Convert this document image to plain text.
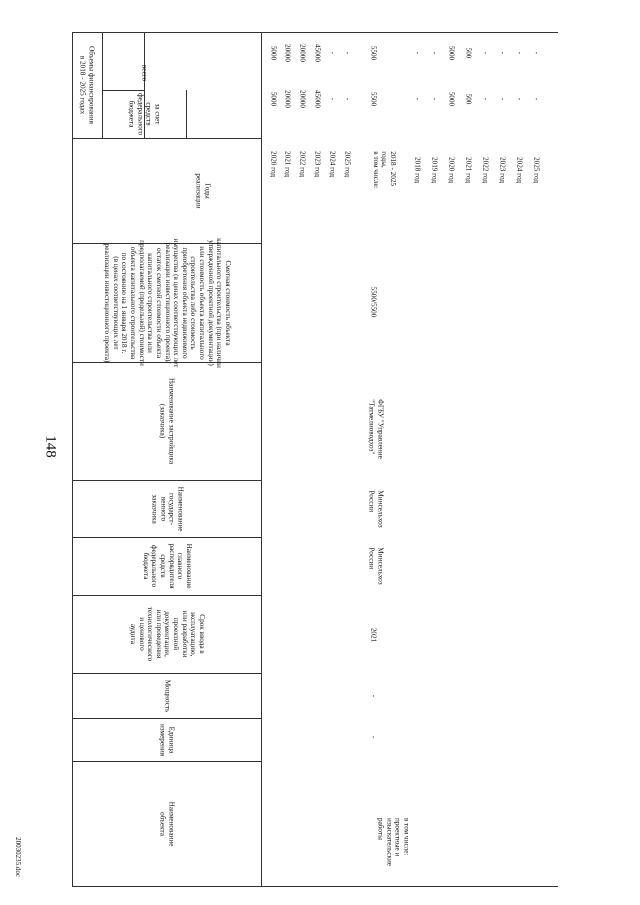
148
20030235.doc
Объемы финансирования
в 2018 - 2025 годах	за счет
средств
федерального
бюджета
всего
Годы
реализации
Сметная стоимость объекта
капитального строительства (при наличии
утвержденной проектной документации)
или стоимость объекта капитального
строительства либо стоимость
приобретения объекта недвижимого
имущества (в ценах соответствующих лет
реализации инвестиционного проекта)/
остаток сметной стоимости объекта
капитального строительства или
предполагаемой (предельной) стоимости
объекта капитального строительства
по состоянию на 1 января 2018 г.
(в ценах соответствующих лет
реализации инвестиционного проекта)
Наименование застройщика
(заказчика)
Наименование
государст-
венного
заказчика
Наименование
главного
распорядителя
средств
федерального
бюджета
Срок ввода в
эксплуатацию,
или разработки
проектной
документации,
или проведения
технологического
и ценового
аудита
Мощность
Единица
измерения
Наименование
объекта
2020 год
5000
5000
2021 год
20000
20000
2022 год
20000
20000
2023 год
45000
45000
2024 год
-
-
2025 год
-
-
в том числе:
проектные и
изыскательские
работы
-
-
2021
Минсельхоз
России
Минсельхоз
России
ФГБУ "Управление
"Татмелиоводхоз"
5500/5500
2018 - 2025
годы,
в том числе:
5500
5500
2018 год
-
-
2019 год
-
-
2020 год
5000
5000
2021 год
500
500
2022 год
-
-
2023 год
-
-
2024 год
-
-
2025 год
-
-
